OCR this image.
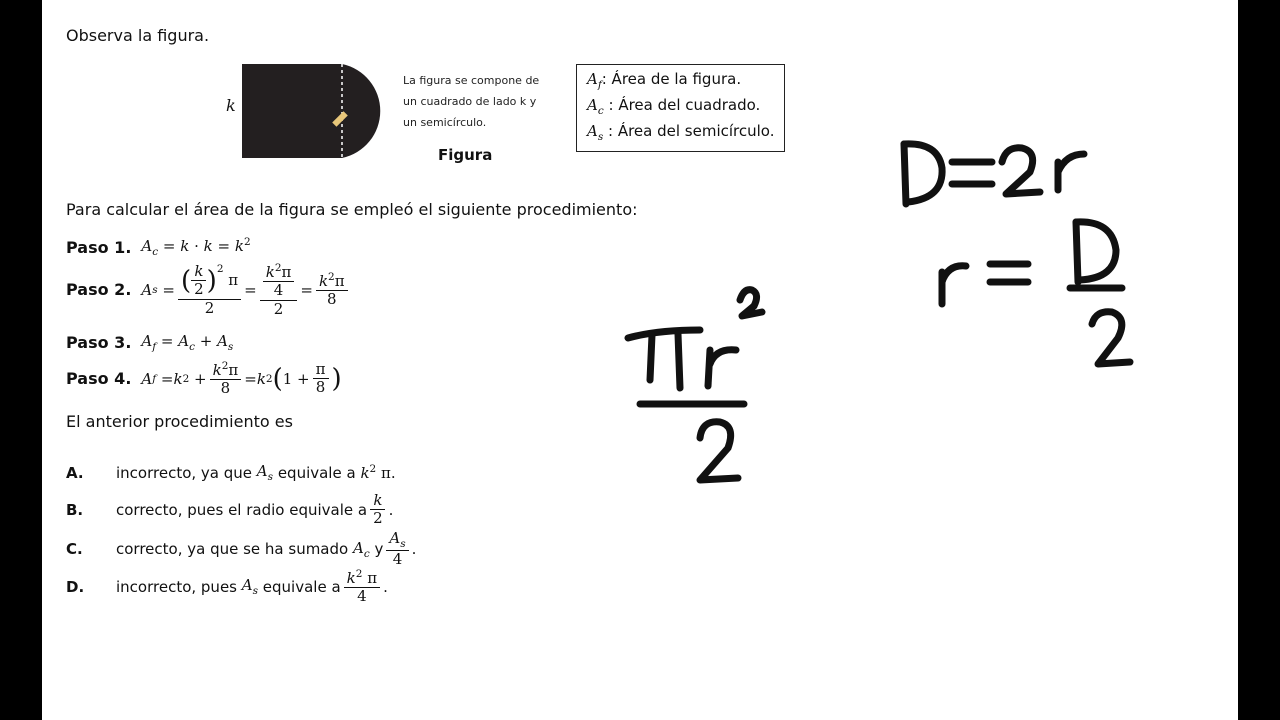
Observa la figura.
k
La figura se compone de
un cuadrado de lado k y
un semicírculo.
Figura
$A_f$: Área de la figura.
$A_c$ : Área del cuadrado.
$A_s$ : Área del semicírculo.
Para calcular el área de la figura se empleó el siguiente procedimiento:
Paso 1. $A_c = k \cdot k = k^2$
Paso 2. A s = ( $\frac{k}{2} )^2$
π
$2 = \frac{\frac{k^2\pi}{4}}{2} = \frac{k^2\pi}{8}$
Paso 3. $A_f = A_c + A_s$
Paso 4. A f = k $2 + \frac{k^2\pi}{8} = k$ 2 ( $1 + \frac{\pi}{8}$ )
El anterior procedimiento es
A.	incorrecto, ya que
$A_s$
equivale a
$k^2$ π.
B.	correcto, pues el radio equivale a $\frac{k}{2}$ .
C.	correcto, ya que se ha sumado
$A_c$
y $\frac{A_s}{4}$ .
D.	incorrecto, pues
$A_s$
equivale a $\frac{k^2 \pi}{4}$ .
